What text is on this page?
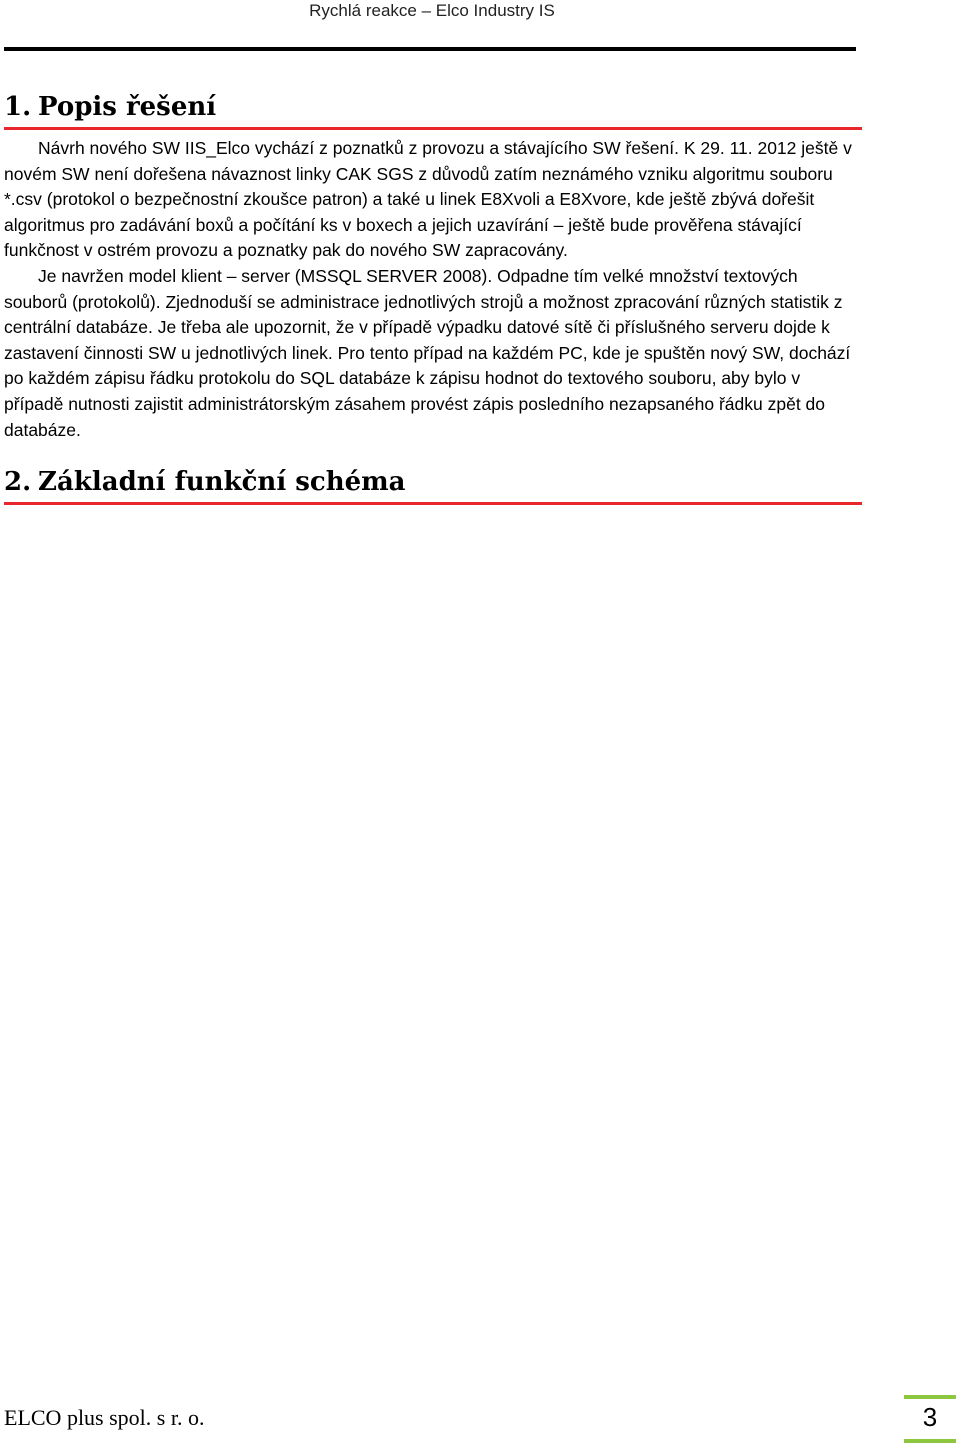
Rychlá reakce – Elco Industry IS
1. Popis řešení

Návrh nového SW IIS_Elco vychází z poznatků z provozu a stávajícího SW řešení. K 29. 11. 2012 ještě v novém SW není dořešena návaznost linky CAK SGS z důvodů zatím neznámého vzniku algoritmu souboru *.csv (protokol o bezpečnostní zkoušce patron) a také u linek E8Xvoli a E8Xvore, kde ještě zbývá dořešit algoritmus pro zadávání boxů a počítání ks v boxech a jejich uzavírání – ještě bude prověřena stávající funkčnost v ostrém provozu a poznatky pak do nového SW zapracovány.

Je navržen model klient – server (MSSQL SERVER 2008). Odpadne tím velké množství textových souborů (protokolů). Zjednoduší se administrace jednotlivých strojů a možnost zpracování různých statistik z centrální databáze. Je třeba ale upozornit, že v případě výpadku datové sítě či příslušného serveru dojde k zastavení činnosti SW u jednotlivých linek. Pro tento případ na každém PC, kde je spuštěn nový SW, dochází po každém zápisu řádku protokolu do SQL databáze k zápisu hodnot do textového souboru, aby bylo v případě nutnosti zajistit administrátorským zásahem provést zápis posledního nezapsaného řádku zpět do databáze.

2. Základní funkční schéma
ELCO plus spol. s r. o.	3
